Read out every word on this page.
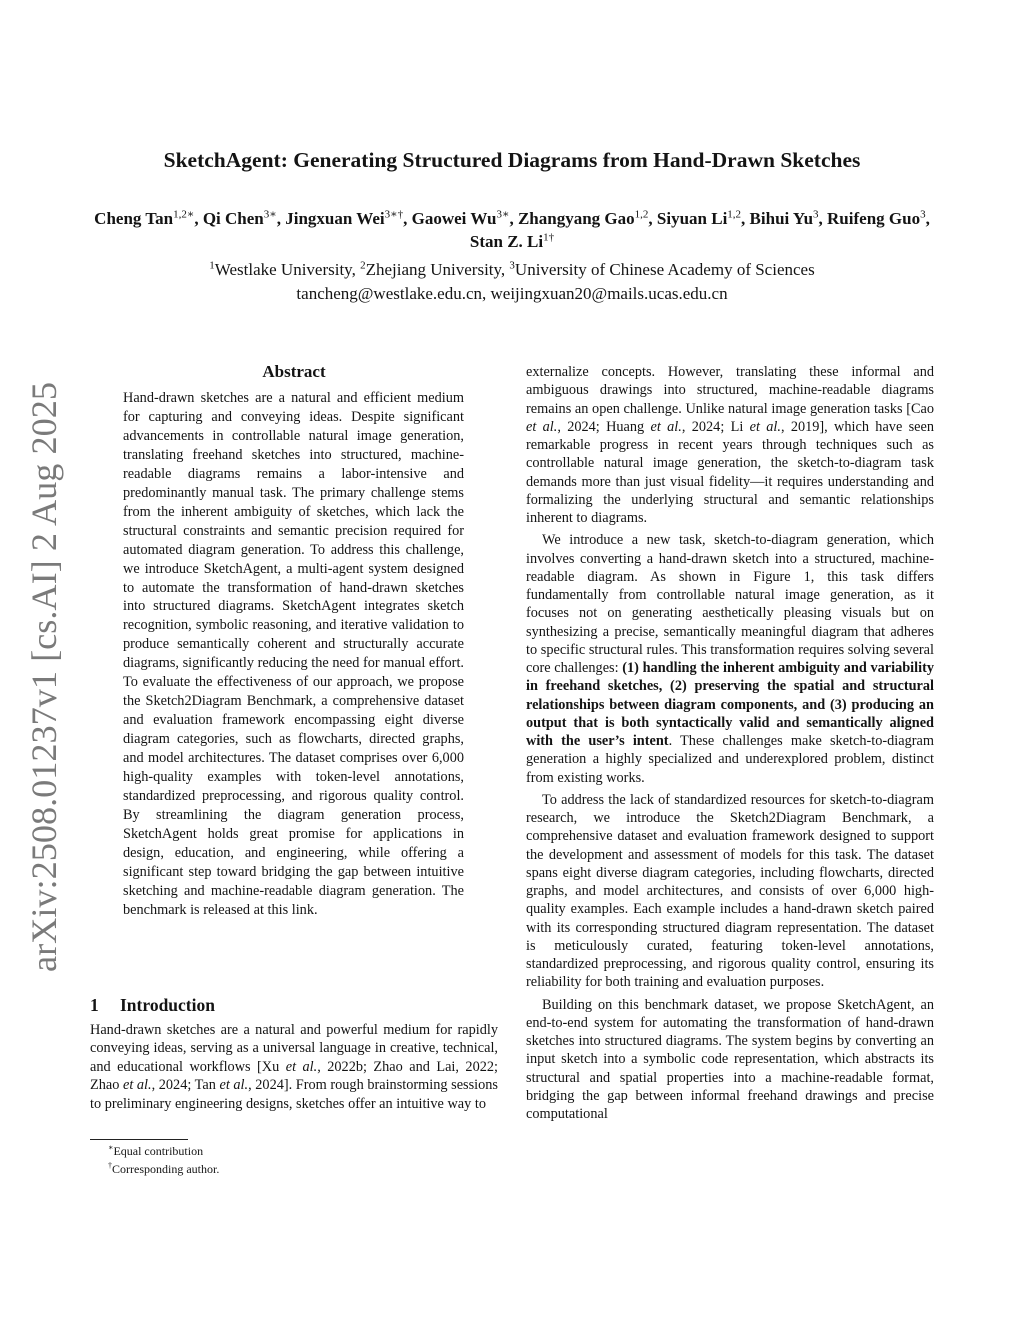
arXiv:2508.01237v1 [cs.AI] 2 Aug 2025
SketchAgent: Generating Structured Diagrams from Hand-Drawn Sketches
Cheng Tan$^{1,2∗}$, Qi Chen$^{3∗}$, Jingxuan Wei$^{3∗\dagger}$, Gaowei $Wu^{3∗}$, Zhangyang Gao$^{1,2}$, Siyuan Li$^{1,2}$, Bihui Yu$^3$, Ruifeng Guo$^3$, Stan Z. $Li^{1\dagger}$
$^1$Westlake University, $^2$Zhejiang University, $^3$University of Chinese Academy of Sciences
tancheng@westlake.edu.cn, weijingxuan20@mails.ucas.edu.cn
Abstract
Hand-drawn sketches are a natural and efficient medium for capturing and conveying ideas. Despite significant advancements in controllable natural image generation, translating freehand sketches into structured, machine-readable diagrams remains a labor-intensive and predominantly manual task. The primary challenge stems from the inherent ambiguity of sketches, which lack the structural constraints and semantic precision required for automated diagram generation. To address this challenge, we introduce SketchAgent, a multi-agent system designed to automate the transformation of hand-drawn sketches into structured diagrams. SketchAgent integrates sketch recognition, symbolic reasoning, and iterative validation to produce semantically coherent and structurally accurate diagrams, significantly reducing the need for manual effort. To evaluate the effectiveness of our approach, we propose the Sketch2Diagram Benchmark, a comprehensive dataset and evaluation framework encompassing eight diverse diagram categories, such as flowcharts, directed graphs, and model architectures. The dataset comprises over 6,000 high-quality examples with token-level annotations, standardized preprocessing, and rigorous quality control. By streamlining the diagram generation process, SketchAgent holds great promise for applications in design, education, and engineering, while offering a significant step toward bridging the gap between intuitive sketching and machine-readable diagram generation. The benchmark is released at this link.
1 Introduction
Hand-drawn sketches are a natural and powerful medium for rapidly conveying ideas, serving as a universal language in creative, technical, and educational workflows [Xu et al., 2022b; Zhao and Lai, 2022; Zhao et al., 2024; Tan et al., 2024]. From rough brainstorming sessions to preliminary engineering designs, sketches offer an intuitive way to
∗Equal contribution
†Corresponding author.

externalize concepts. However, translating these informal and ambiguous drawings into structured, machine-readable diagrams remains an open challenge. Unlike natural image generation tasks [Cao et al., 2024; Huang et al., 2024; Li et al., 2019], which have seen remarkable progress in recent years through techniques such as controllable natural image generation, the sketch-to-diagram task demands more than just visual fidelity—it requires understanding and formalizing the underlying structural and semantic relationships inherent to diagrams.

We introduce a new task, sketch-to-diagram generation, which involves converting a hand-drawn sketch into a structured, machine-readable diagram. As shown in Figure 1, this task differs fundamentally from controllable natural image generation, as it focuses not on generating aesthetically pleasing visuals but on synthesizing a precise, semantically meaningful diagram that adheres to specific structural rules. This transformation requires solving several core challenges: (1) handling the inherent ambiguity and variability in freehand sketches, (2) preserving the spatial and structural relationships between diagram components, and (3) producing an output that is both syntactically valid and semantically aligned with the user’s intent. These challenges make sketch-to-diagram generation a highly specialized and underexplored problem, distinct from existing works.

To address the lack of standardized resources for sketch-to-diagram research, we introduce the Sketch2Diagram Benchmark, a comprehensive dataset and evaluation framework designed to support the development and assessment of models for this task. The dataset spans eight diverse diagram categories, including flowcharts, directed graphs, and model architectures, and consists of over 6,000 high-quality examples. Each example includes a hand-drawn sketch paired with its corresponding structured diagram representation. The dataset is meticulously curated, featuring token-level annotations, standardized preprocessing, and rigorous quality control, ensuring its reliability for both training and evaluation purposes.

Building on this benchmark dataset, we propose SketchAgent, an end-to-end system for automating the transformation of hand-drawn sketches into structured diagrams. The system begins by converting an input sketch into a symbolic code representation, which abstracts its structural and spatial properties into a machine-readable format, bridging the gap between informal freehand drawings and precise computational
